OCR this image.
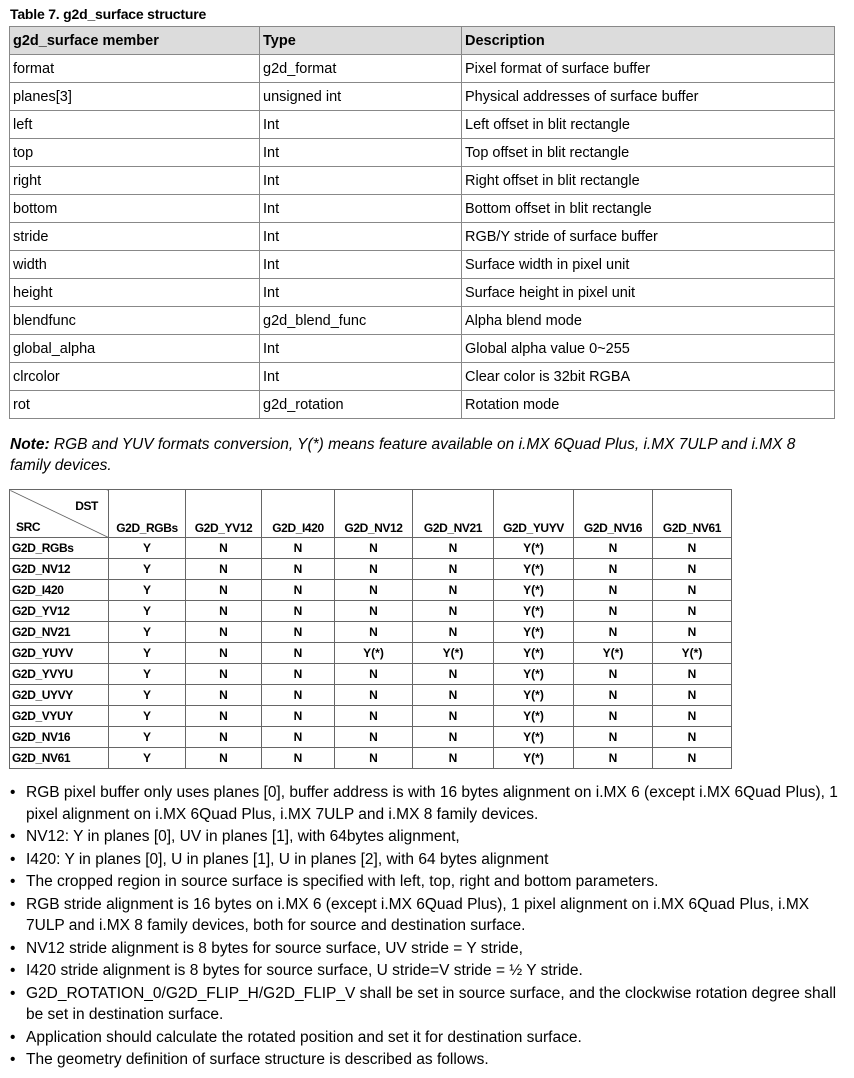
Table 7. g2d_surface structure
g2d_surface member	Type	Description
format	g2d_format	Pixel format of surface buffer
planes[3]	unsigned int	Physical addresses of surface buffer
left	Int	Left offset in blit rectangle
top	Int	Top offset in blit rectangle
right	Int	Right offset in blit rectangle
bottom	Int	Bottom offset in blit rectangle
stride	Int	RGB/Y stride of surface buffer
width	Int	Surface width in pixel unit
height	Int	Surface height in pixel unit
blendfunc	g2d_blend_func	Alpha blend mode
global_alpha	Int	Global alpha value 0~255
clrcolor	Int	Clear color is 32bit RGBA
rot	g2d_rotation	Rotation mode
Note: RGB and YUV formats conversion, Y(*) means feature available on i.MX 6Quad Plus, i.MX 7ULP and i.MX 8 family devices.
DST
SRC	G2D_RGBs	G2D_YV12	G2D_I420	G2D_NV12	G2D_NV21	G2D_YUYV	G2D_NV16	G2D_NV61
G2D_RGBs	Y	N	N	N	N	Y(*)	N	N
G2D_NV12	Y	N	N	N	N	Y(*)	N	N
G2D_I420	Y	N	N	N	N	Y(*)	N	N
G2D_YV12	Y	N	N	N	N	Y(*)	N	N
G2D_NV21	Y	N	N	N	N	Y(*)	N	N
G2D_YUYV	Y	N	N	Y(*)	Y(*)	Y(*)	Y(*)	Y(*)
G2D_YVYU	Y	N	N	N	N	Y(*)	N	N
G2D_UYVY	Y	N	N	N	N	Y(*)	N	N
G2D_VYUY	Y	N	N	N	N	Y(*)	N	N
G2D_NV16	Y	N	N	N	N	Y(*)	N	N
G2D_NV61	Y	N	N	N	N	Y(*)	N	N
• RGB pixel buffer only uses planes [0], buffer address is with 16 bytes alignment on i.MX 6 (except i.MX 6Quad Plus), 1 pixel alignment on i.MX 6Quad Plus, i.MX 7ULP and i.MX 8 family devices.
• NV12: Y in planes [0], UV in planes [1], with 64bytes alignment,
• I420: Y in planes [0], U in planes [1], U in planes [2], with 64 bytes alignment
• The cropped region in source surface is specified with left, top, right and bottom parameters.
• RGB stride alignment is 16 bytes on i.MX 6 (except i.MX 6Quad Plus), 1 pixel alignment on i.MX 6Quad Plus, i.MX 7ULP and i.MX 8 family devices, both for source and destination surface.
• NV12 stride alignment is 8 bytes for source surface, UV stride = Y stride,
• I420 stride alignment is 8 bytes for source surface, U stride=V stride = ½ Y stride.
• G2D_ROTATION_0/G2D_FLIP_H/G2D_FLIP_V shall be set in source surface, and the clockwise rotation degree shall be set in destination surface.
• Application should calculate the rotated position and set it for destination surface.
• The geometry definition of surface structure is described as follows.
